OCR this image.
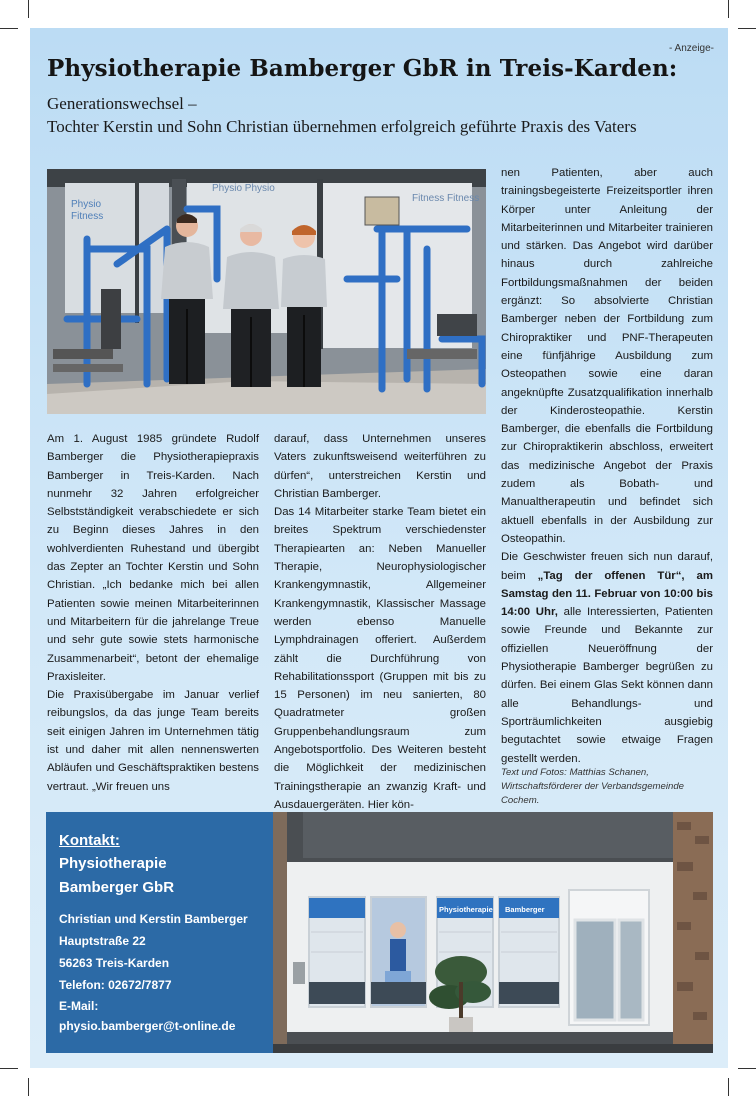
- Anzeige-
Physiotherapie Bamberger GbR in Treis-Karden:
Generationswechsel –
Tochter Kerstin und Sohn Christian übernehmen erfolgreich geführte Praxis des Vaters
Physio
Fitness
Physio Physio
Fitness Fitness

Am 1. August 1985 gründete Rudolf Bamberger die Physiotherapiepraxis Bamberger in Treis-Karden. Nach nunmehr 32 Jahren erfolgreicher Selbstständigkeit verabschiedete er sich zu Beginn dieses Jahres in den wohlverdienten Ruhestand und übergibt das Zepter an Tochter Kerstin und Sohn Christian. „Ich bedanke mich bei allen Patienten sowie meinen Mitarbeiterinnen und Mitarbeitern für die jahrelange Treue und sehr gute sowie stets harmonische Zusammenarbeit“, betont der ehemalige Praxisleiter.

Die Praxisübergabe im Januar verlief reibungslos, da das junge Team bereits seit einigen Jahren im Unternehmen tätig ist und daher mit allen nennenswerten Abläufen und Geschäftspraktiken bestens vertraut. „Wir freuen uns

darauf, dass Unternehmen unseres Vaters zukunftsweisend weiterführen zu dürfen“, unterstreichen Kerstin und Christian Bamberger.

Das 14 Mitarbeiter starke Team bietet ein breites Spektrum verschiedenster Therapiearten an: Neben Manueller Therapie, Neurophysiologischer Krankengymnastik, Allgemeiner Krankengymnastik, Klassischer Massage werden ebenso Manuelle Lymphdrainagen offeriert. Außerdem zählt die Durchführung von Rehabilitationssport (Gruppen mit bis zu 15 Personen) im neu sanierten, 80 Quadratmeter großen Gruppenbehandlungsraum zum Angebotsportfolio. Des Weiteren besteht die Möglichkeit der medizinischen Trainingstherapie an zwanzig Kraft- und Ausdauergeräten. Hier kön-

nen Patienten, aber auch trainingsbegeisterte Freizeitsportler ihren Körper unter Anleitung der Mitarbeiterinnen und Mitarbeiter trainieren und stärken. Das Angebot wird darüber hinaus durch zahlreiche Fortbildungsmaßnahmen der beiden ergänzt: So absolvierte Christian Bamberger neben der Fortbildung zum Chiropraktiker und PNF-Therapeuten eine fünfjährige Ausbildung zum Osteopathen sowie eine daran angeknüpfte Zusatzqualifikation innerhalb der Kinderosteopathie. Kerstin Bamberger, die ebenfalls die Fortbildung zur Chiropraktikerin abschloss, erweitert das medizinische Angebot der Praxis zudem als Bobath- und Manualtherapeutin und befindet sich aktuell ebenfalls in der Ausbildung zur Osteopathin.

Die Geschwister freuen sich nun darauf, beim „Tag der offenen Tür“, am Samstag den 11. Februar von 10:00 bis 14:00 Uhr, alle Interessierten, Patienten sowie Freunde und Bekannte zur offiziellen Neueröffnung der Physiotherapie Bamberger begrüßen zu dürfen. Bei einem Glas Sekt können dann alle Behandlungs- und Sporträumlichkeiten ausgiebig begutachtet sowie etwaige Fragen gestellt werden.

Text und Fotos: Matthias Schanen, Wirtschaftsförderer der Verbandsgemeinde Cochem.
Kontakt:
Physiotherapie
Bamberger GbR
Christian und Kerstin Bamberger
Hauptstraße 22
56263 Treis-Karden
Telefon: 02672/7877
E-Mail:
physio.bamberger@t-online.de
Physiotherapie Bamberger
